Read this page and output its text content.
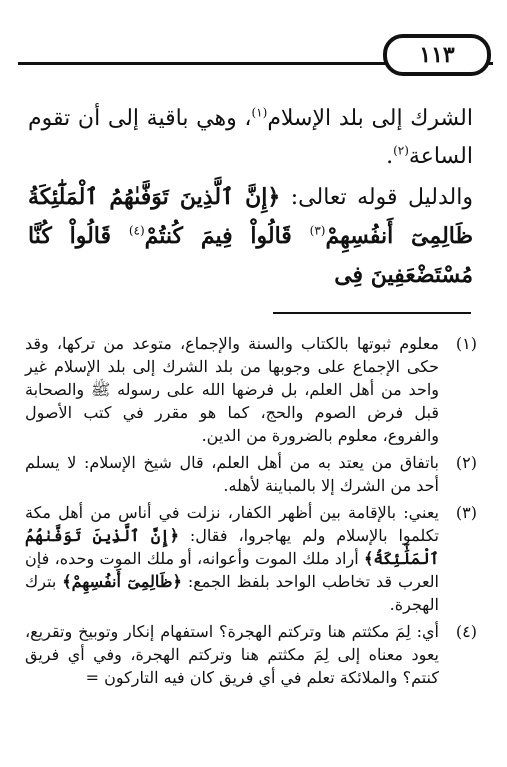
١١٣

الشرك إلى بلد الإسلام$^{(١)}$، وهي باقية إلى أن تقوم الساعة$^{(٢)}$.

والدليل قوله تعالى: ﴿إِنَّ ٱلَّذِينَ تَوَفَّىٰهُمُ ٱلْمَلَٰٓئِكَةُ ظَالِمِىٓ أَنفُسِهِمْ$^{(٣)}$ قَالُواْ فِيمَ كُنتُمْ$^{(٤)}$ قَالُواْ كُنَّا مُسْتَضْعَفِينَ فِى

(١)
معلوم ثبوتها بالكتاب والسنة والإجماع، متوعد من تركها، وقد حكى الإجماع على وجوبها من بلد الشرك إلى بلد الإسلام غير واحد من أهل العلم، بل فرضها الله على رسوله ﷺ والصحابة قبل فرض الصوم والحج، كما هو مقرر في كتب الأصول والفروع، معلوم بالضرورة من الدين.
(٢)
باتفاق من يعتد به من أهل العلم، قال شيخ الإسلام: لا يسلم أحد من الشرك إلا بالمباينة لأهله.
(٣)
يعني: بالإقامة بين أظهر الكفار، نزلت في أناس من أهل مكة تكلموا بالإسلام ولم يهاجروا، فقال: ﴿إِنَّ ٱلَّذِينَ تَوَفَّىٰهُمُ ٱلْمَلَٰٓئِكَةُ﴾ أراد ملك الموت وأعوانه، أو ملك الموت وحده، فإن العرب قد تخاطب الواحد بلفظ الجمع: ﴿ظَالِمِىٓ أَنفُسِهِمْ﴾ بترك الهجرة.
(٤)
أي: لِمَ مكثتم هنا وتركتم الهجرة؟ استفهام إنكار وتوبيخ وتقريع، يعود معناه إلى لِمَ مكثتم هنا وتركتم الهجرة، وفي أي فريق كنتم؟ والملائكة تعلم في أي فريق كان فيه التاركون =
